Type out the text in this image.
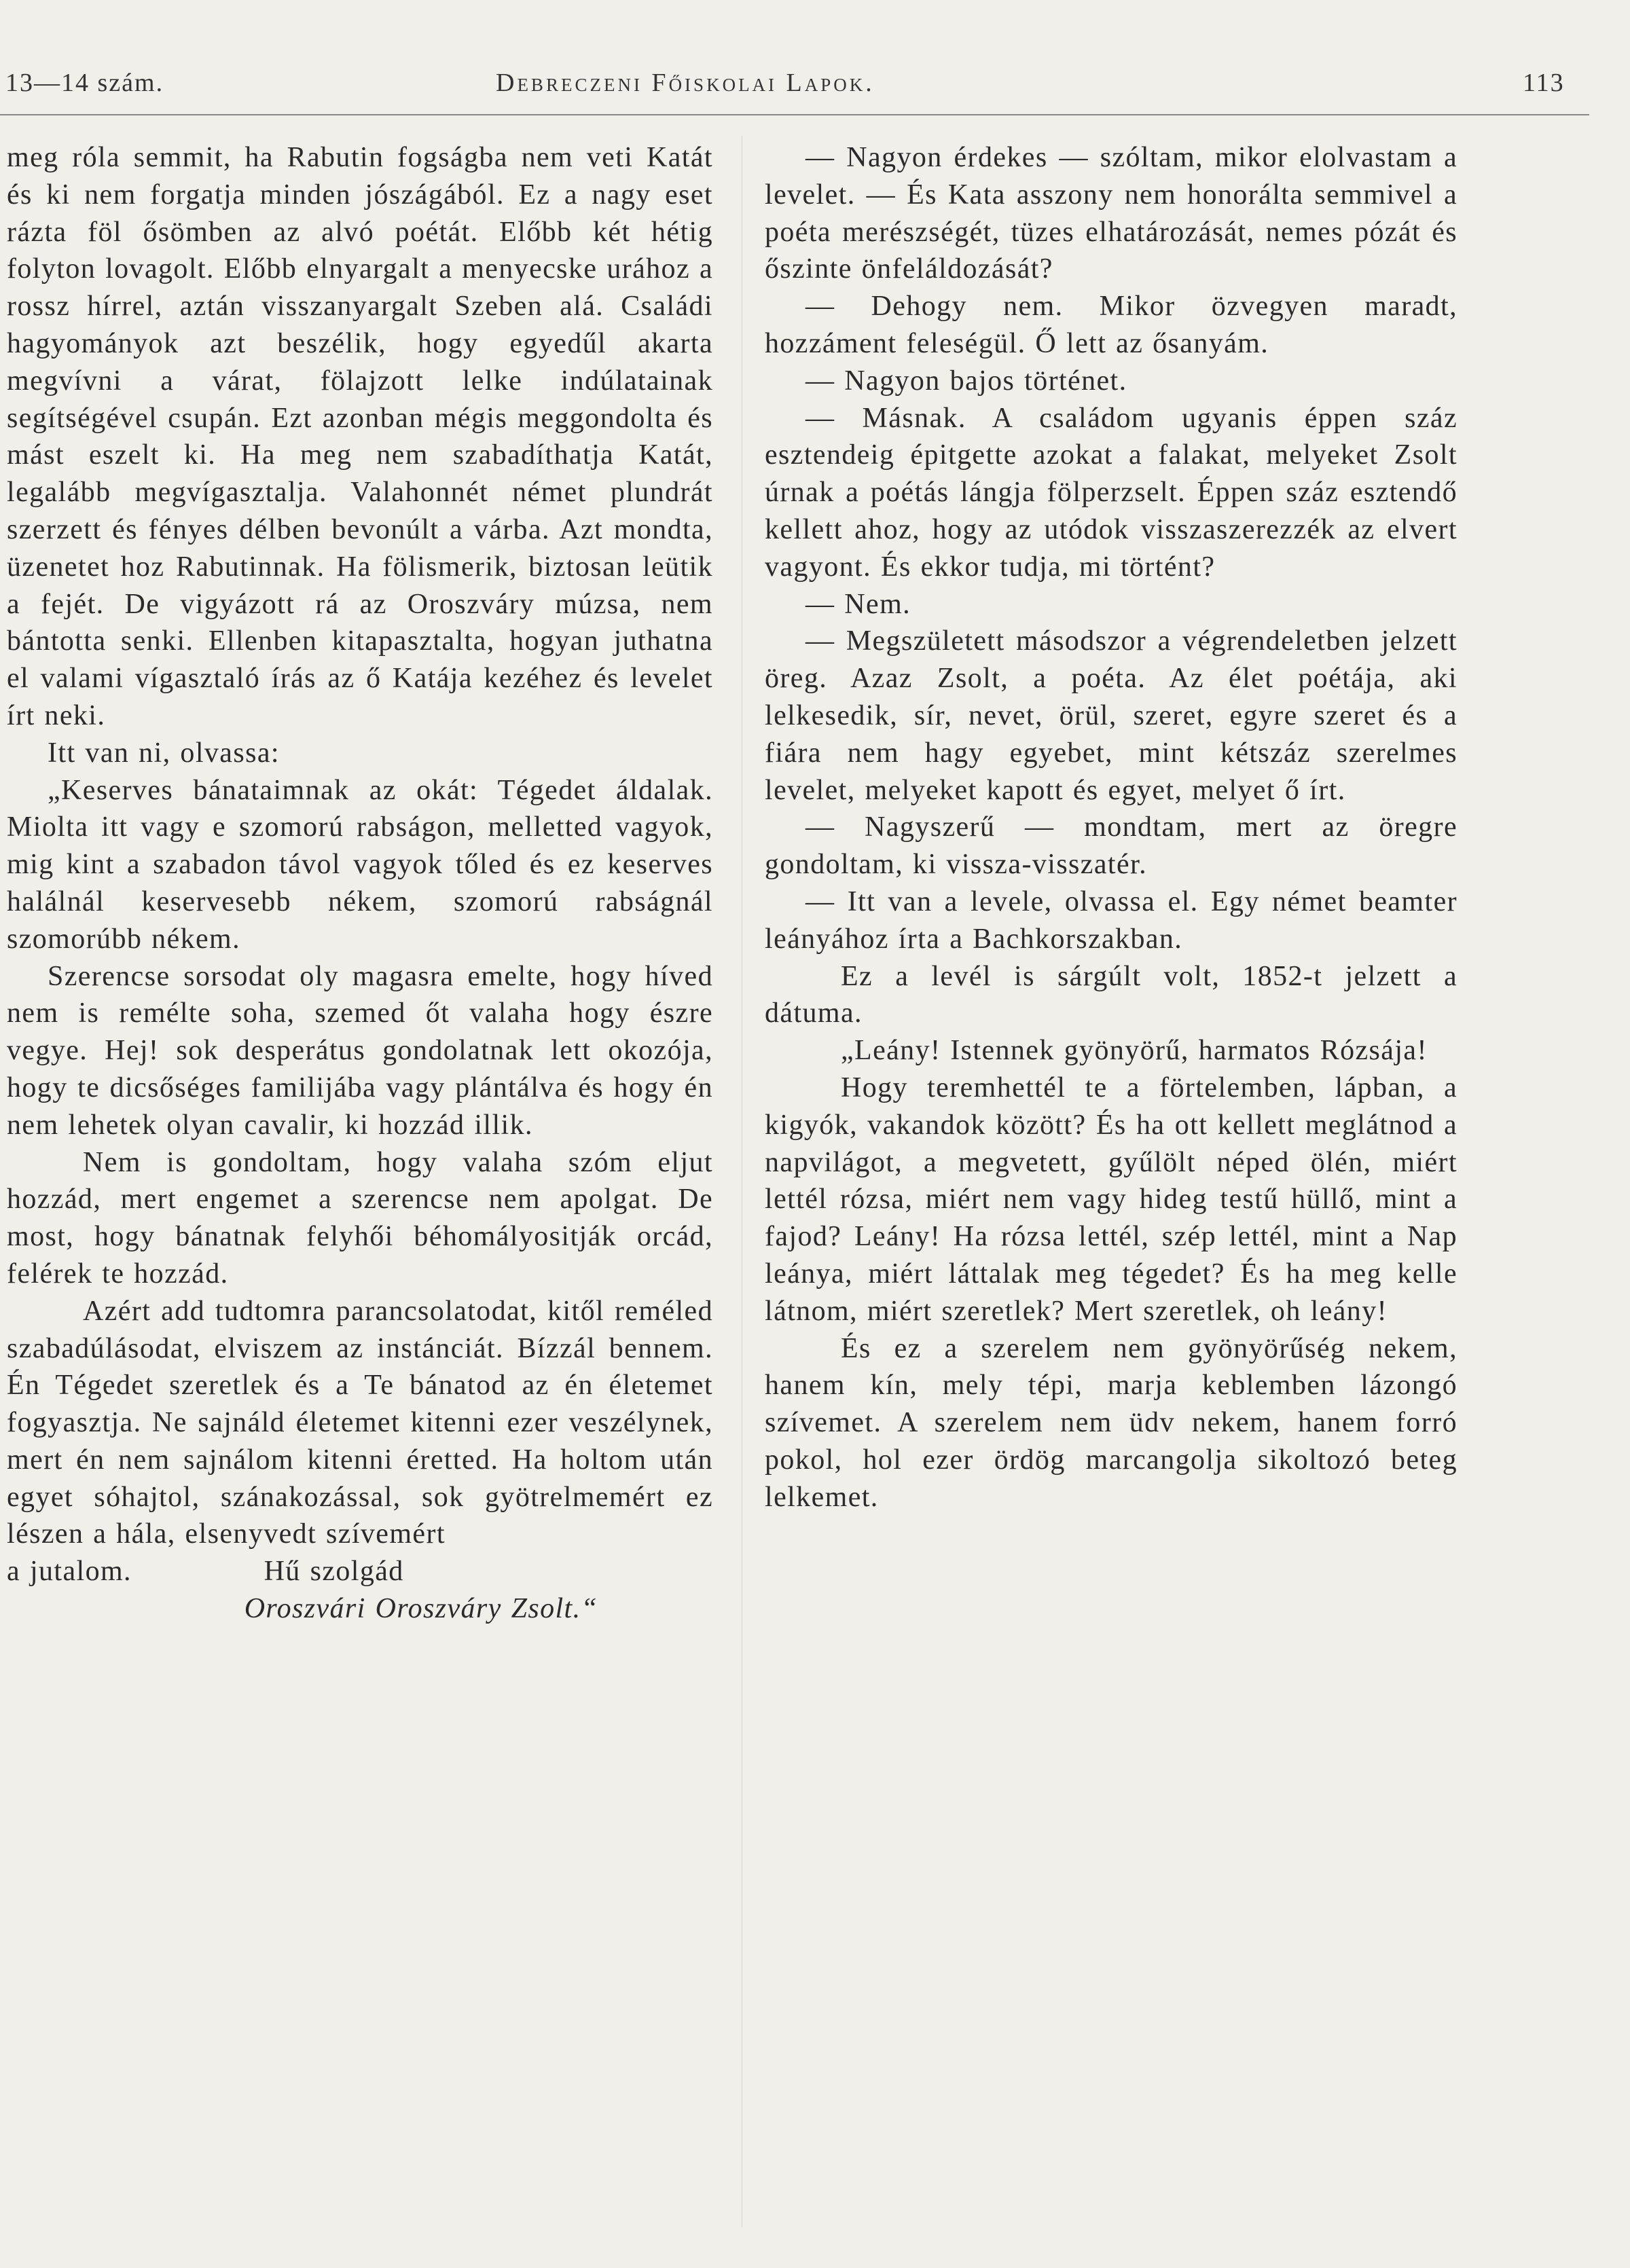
13—14 szám.	Debreczeni Főiskolai Lapok.	113

meg róla semmit, ha Rabutin fogságba nem veti Katát és ki nem forgatja minden jószágából. Ez a nagy eset rázta föl ősömben az alvó poétát. Előbb két hétig folyton lovagolt. Előbb elnyargalt a menyecske urához a rossz hírrel, aztán visszanyargalt Szeben alá. Családi hagyományok azt beszélik, hogy egyedűl akarta megvívni a várat, fölajzott lelke indúlatainak segítségével csupán. Ezt azonban mégis meggondolta és mást eszelt ki. Ha meg nem szabadíthatja Katát, legalább megvígasztalja. Valahonnét német plundrát szerzett és fényes délben bevonúlt a várba. Azt mondta, üzenetet hoz Rabutinnak. Ha fölismerik, biztosan leütik a fejét. De vigyázott rá az Oroszváry múzsa, nem bántotta senki. Ellenben kitapasztalta, hogyan juthatna el valami vígasztaló írás az ő Katája kezéhez és levelet írt neki.

Itt van ni, olvassa:

„Keserves bánataimnak az okát: Tégedet áldalak. Miolta itt vagy e szomorú rabságon, melletted vagyok, mig kint a szabadon távol vagyok tőled és ez keserves halálnál keservesebb nékem, szomorú rabságnál szomorúbb nékem.

Szerencse sorsodat oly magasra emelte, hogy híved nem is remélte soha, szemed őt valaha hogy észre vegye. Hej! sok desperátus gondolatnak lett okozója, hogy te dicsőséges familijába vagy plántálva és hogy én nem lehetek olyan cavalir, ki hozzád illik.

Nem is gondoltam, hogy valaha szóm eljut hozzád, mert engemet a szerencse nem apolgat. De most, hogy bánatnak felyhői béhomályositják orcád, felérek te hozzád.

Azért add tudtomra parancsolatodat, kitől reméled szabadúlásodat, elviszem az instánciát. Bízzál bennem. Én Tégedet szeretlek és a Te bánatod az én életemet fogyasztja. Ne sajnáld életemet kitenni ezer veszélynek, mert én nem sajnálom kitenni éretted. Ha holtom után egyet sóhajtol, szánakozással, sok gyötrelmemért ez lészen a hála, elsenyvedt szívemért

a jutalom.	Hű szolgád

Oroszvári Oroszváry Zsolt.“

— Nagyon érdekes — szóltam, mikor elolvastam a levelet. — És Kata asszony nem honorálta semmivel a poéta merészségét, tüzes elhatározását, nemes pózát és őszinte önfeláldozását?

— Dehogy nem. Mikor özvegyen maradt, hozzáment feleségül. Ő lett az ősanyám.

— Nagyon bajos történet.

— Másnak. A családom ugyanis éppen száz esztendeig épitgette azokat a falakat, melyeket Zsolt úrnak a poétás lángja fölperzselt. Éppen száz esztendő kellett ahoz, hogy az utódok visszaszerezzék az elvert vagyont. És ekkor tudja, mi történt?

— Nem.

— Megszületett másodszor a végrendeletben jelzett öreg. Azaz Zsolt, a poéta. Az élet poétája, aki lelkesedik, sír, nevet, örül, szeret, egyre szeret és a fiára nem hagy egyebet, mint kétszáz szerelmes levelet, melyeket kapott és egyet, melyet ő írt.

— Nagyszerű — mondtam, mert az öregre gondoltam, ki vissza-visszatér.

— Itt van a levele, olvassa el. Egy német beamter leányához írta a Bachkorszakban.

Ez a levél is sárgúlt volt, 1852-t jelzett a dátuma.

„Leány! Istennek gyönyörű, harmatos Rózsája!

Hogy teremhettél te a förtelemben, lápban, a kigyók, vakandok között? És ha ott kellett meglátnod a napvilágot, a megvetett, gyűlölt néped ölén, miért lettél rózsa, miért nem vagy hideg testű hüllő, mint a fajod? Leány! Ha rózsa lettél, szép lettél, mint a Nap leánya, miért láttalak meg tégedet? És ha meg kelle látnom, miért szeretlek? Mert szeretlek, oh leány!

És ez a szerelem nem gyönyörűség nekem, hanem kín, mely tépi, marja keblemben lázongó szívemet. A szerelem nem üdv nekem, hanem forró pokol, hol ezer ördög marcangolja sikoltozó beteg lelkemet.
